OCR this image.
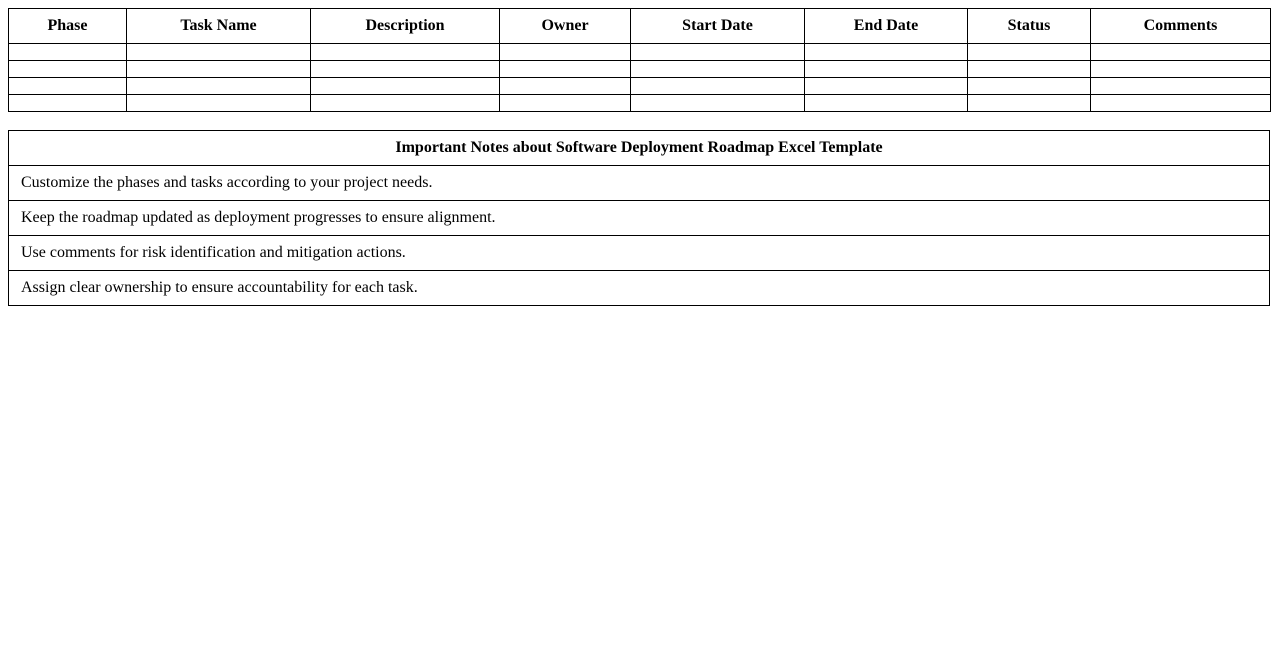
Phase	Task Name	Description	Owner	Start Date	End Date	Status	Comments

Important Notes about Software Deployment Roadmap Excel Template
Customize the phases and tasks according to your project needs.
Keep the roadmap updated as deployment progresses to ensure alignment.
Use comments for risk identification and mitigation actions.
Assign clear ownership to ensure accountability for each task.
